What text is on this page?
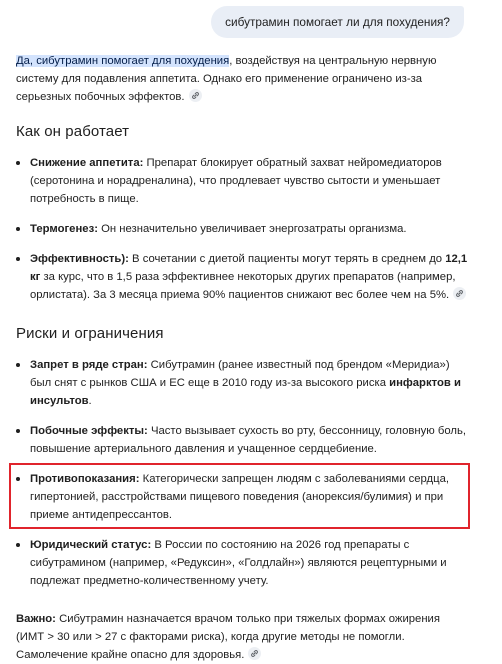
сибутрамин помогает ли для похудения?

Да, сибутрамин помогает для похудения, воздействуя на центральную нервную систему для подавления аппетита. Однако его применение ограничено из-за серьезных побочных эффектов.

Как он работает
Снижение аппетита: Препарат блокирует обратный захват нейромедиаторов (серотонина и норадреналина), что продлевает чувство сытости и уменьшает потребность в пище.
Термогенез: Он незначительно увеличивает энергозатраты организма.
Эффективность): В сочетании с диетой пациенты могут терять в среднем до 12,1 кг за курс, что в 1,5 раза эффективнее некоторых других препаратов (например, орлистата). За 3 месяца приема 90% пациентов снижают вес более чем на 5%.
Риски и ограничения
Запрет в ряде стран: Сибутрамин (ранее известный под брендом «Меридиа») был снят с рынков США и ЕС еще в 2010 году из-за высокого риска инфарктов и инсультов.
Побочные эффекты: Часто вызывает сухость во рту, бессонницу, головную боль, повышение артериального давления и учащенное сердцебиение.
Противопоказания: Категорически запрещен людям с заболеваниями сердца, гипертонией, расстройствами пищевого поведения (анорексия/булимия) и при приеме антидепрессантов.
Юридический статус: В России по состоянию на 2026 год препараты с сибутрамином (например, «Редуксин», «Голдлайн») являются рецептурными и подлежат предметно-количественному учету.

Важно: Сибутрамин назначается врачом только при тяжелых формах ожирения (ИМТ > 30 или > 27 с факторами риска), когда другие методы не помогли. Самолечение крайне опасно для здоровья.
